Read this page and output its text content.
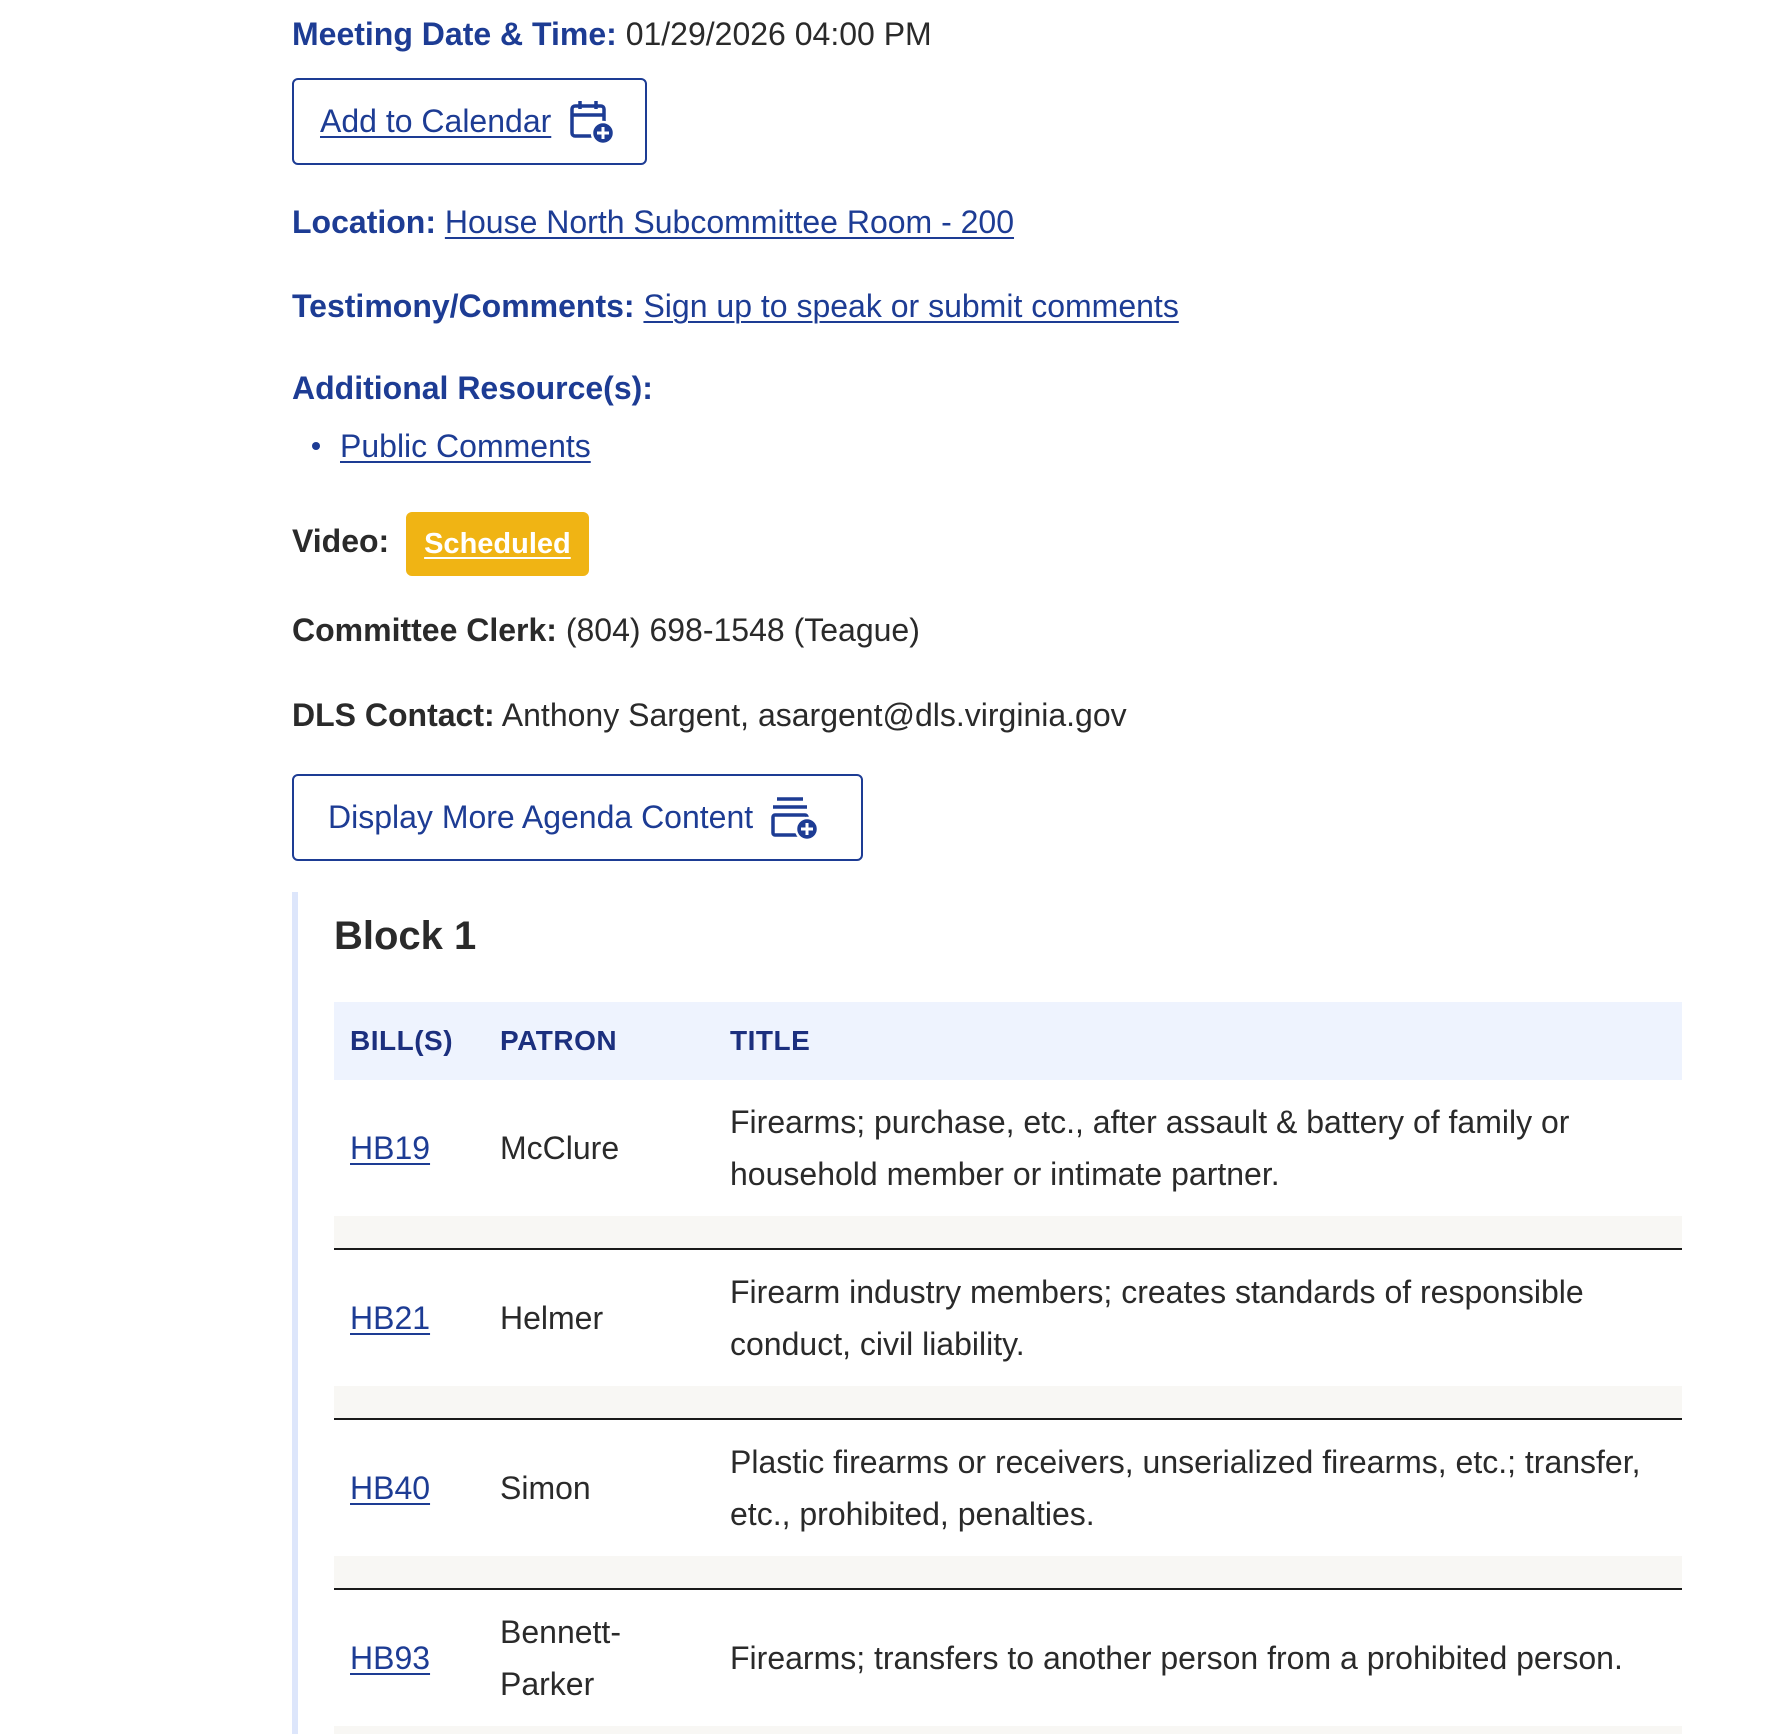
Meeting Date & Time: 01/29/2026 04:00 PM
Add to Calendar
Location: House North Subcommittee Room - 200
Testimony/Comments: Sign up to speak or submit comments
Additional Resource(s):
Public Comments
Video: Scheduled
Committee Clerk: (804) 698-1548 (Teague)
DLS Contact: Anthony Sargent, asargent@dls.virginia.gov
Display More Agenda Content
Block 1
BILL(S)	PATRON	TITLE
HB19	McClure	Firearms; purchase, etc., after assault & battery of family or household member or intimate partner.

HB21	Helmer	Firearm industry members; creates standards of responsible conduct, civil liability.

HB40	Simon	Plastic firearms or receivers, unserialized firearms, etc.; transfer, etc., prohibited, penalties.

HB93	Bennett-Parker	Firearms; transfers to another person from a prohibited person.
